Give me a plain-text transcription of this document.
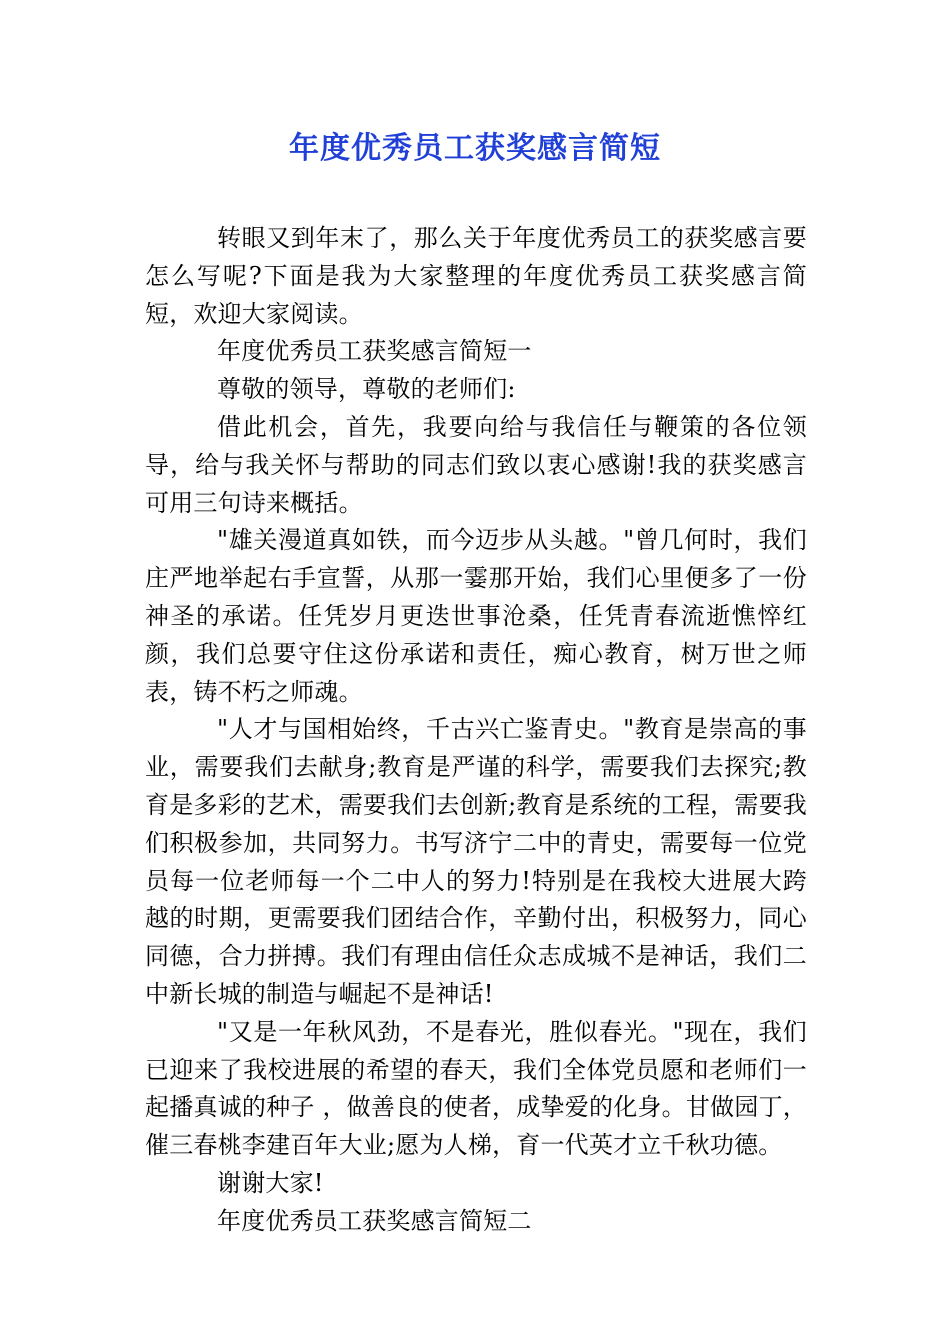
年度优秀员工获奖感言简短

转眼又到年末了，那么关于年度优秀员工的获奖感言要怎么写呢?下面是我为大家整理的年度优秀员工获奖感言简短，欢迎大家阅读。

年度优秀员工获奖感言简短一

尊敬的领导，尊敬的老师们:

借此机会，首先，我要向给与我信任与鞭策的各位领导，给与我关怀与帮助的同志们致以衷心感谢!我的获奖感言可用三句诗来概括。

"雄关漫道真如铁，而今迈步从头越。"曾几何时，我们庄严地举起右手宣誓，从那一霎那开始，我们心里便多了一份神圣的承诺。任凭岁月更迭世事沧桑，任凭青春流逝憔悴红颜，我们总要守住这份承诺和责任，痴心教育，树万世之师表，铸不朽之师魂。

"人才与国相始终，千古兴亡鉴青史。"教育是崇高的事业，需要我们去献身;教育是严谨的科学，需要我们去探究;教育是多彩的艺术，需要我们去创新;教育是系统的工程，需要我们积极参加，共同努力。书写济宁二中的青史，需要每一位党员每一位老师每一个二中人的努力!特别是在我校大进展大跨越的时期，更需要我们团结合作，辛勤付出，积极努力，同心同德，合力拼搏。我们有理由信任众志成城不是神话，我们二中新长城的制造与崛起不是神话!

"又是一年秋风劲，不是春光，胜似春光。"现在，我们已迎来了我校进展的希望的春天，我们全体党员愿和老师们一起播真诚的种子 ，做善良的使者，成挚爱的化身。甘做园丁，催三春桃李建百年大业;愿为人梯，育一代英才立千秋功德。

谢谢大家!

年度优秀员工获奖感言简短二
